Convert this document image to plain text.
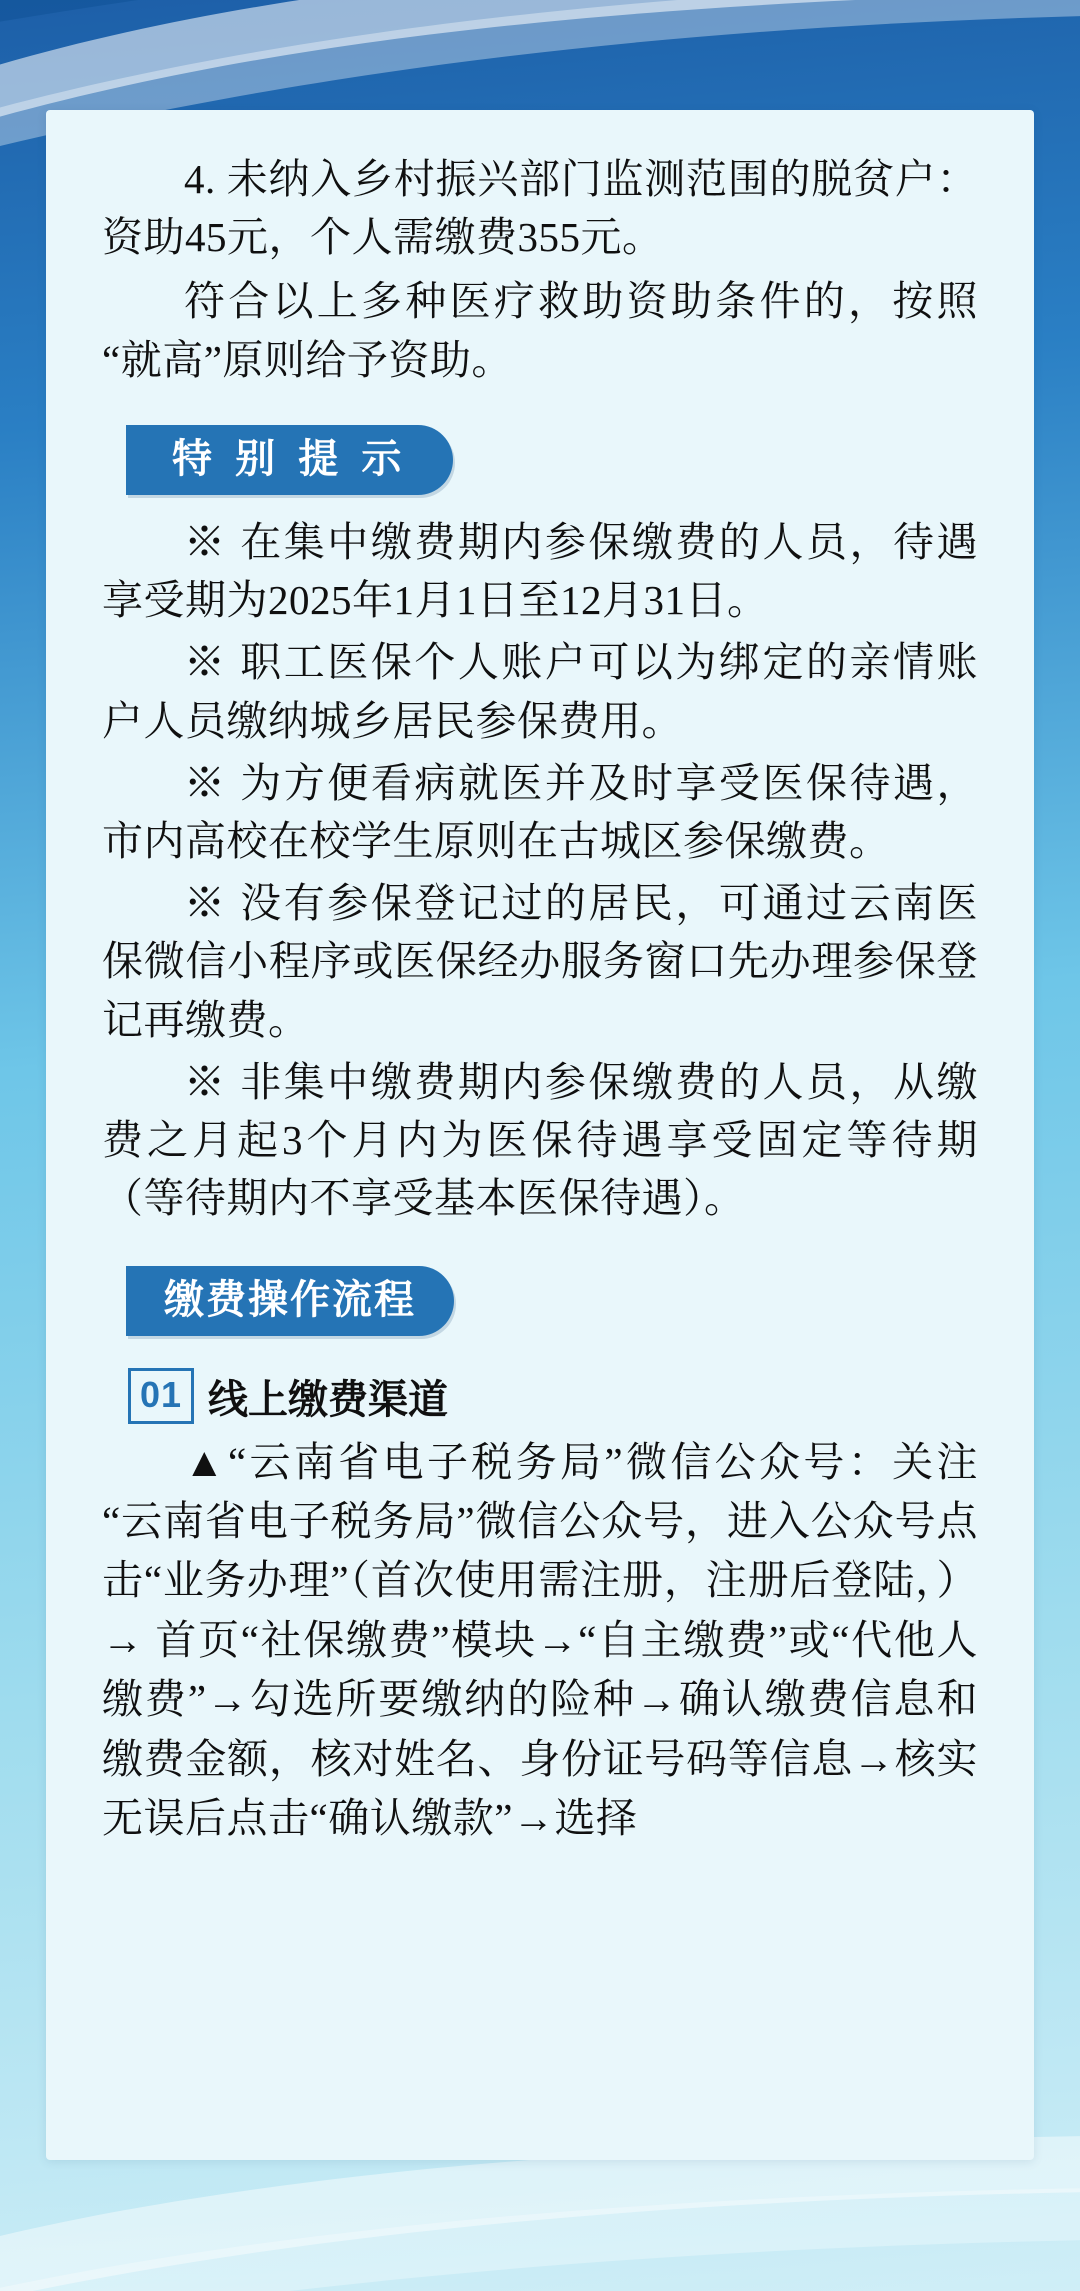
4. 未纳入乡村振兴部门监测范围的脱贫户：资助45元，个人需缴费355元。

符合以上多种医疗救助资助条件的，按照“就高”原则给予资助。

特 别 提 示

※ 在集中缴费期内参保缴费的人员，待遇享受期为2025年1月1日至12月31日。

※ 职工医保个人账户可以为绑定的亲情账户人员缴纳城乡居民参保费用。

※ 为方便看病就医并及时享受医保待遇，市内高校在校学生原则在古城区参保缴费。

※ 没有参保登记过的居民，可通过云南医保微信小程序或医保经办服务窗口先办理参保登记再缴费。

※ 非集中缴费期内参保缴费的人员，从缴费之月起3个月内为医保待遇享受固定等待期（等待期内不享受基本医保待遇）。

缴费操作流程
01 线上缴费渠道

▲“云南省电子税务局”微信公众号：关注“云南省电子税务局”微信公众号，进入公众号点击“业务办理”（首次使用需注册，注册后登陆，）→ 首页“社保缴费”模块→“自主缴费”或“代他人缴费”→勾选所要缴纳的险种→确认缴费信息和缴费金额，核对姓名、身份证号码等信息→核实无误后点击“确认缴款”→选择
